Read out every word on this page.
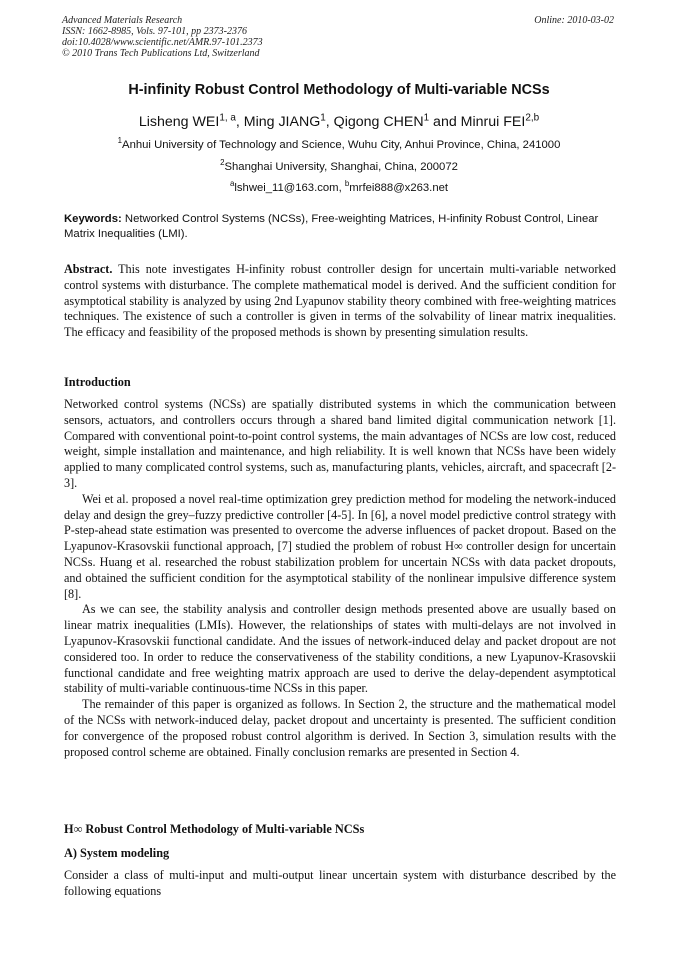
Advanced Materials Research
ISSN: 1662-8985, Vols. 97-101, pp 2373-2376
doi:10.4028/www.scientific.net/AMR.97-101.2373
© 2010 Trans Tech Publications Ltd, Switzerland
Online: 2010-03-02
H-infinity Robust Control Methodology of Multi-variable NCSs
Lisheng WEI$^{1, a}$, Ming JIANG$^1$, Qigong CHEN$^1$ and Minrui FEI$^{2,b}$
$^1$Anhui University of Technology and Science, Wuhu City, Anhui Province, China, 241000
$^2$Shanghai University, Shanghai, China, 200072
$^a$lshwei_11@163.com, $^b$mrfei888@x263.net
Keywords: Networked Control Systems (NCSs), Free-weighting Matrices, H-infinity Robust Control, Linear Matrix Inequalities (LMI).
Abstract. This note investigates H-infinity robust controller design for uncertain multi-variable networked control systems with disturbance. The complete mathematical model is derived. And the sufficient condition for asymptotical stability is analyzed by using 2nd Lyapunov stability theory combined with free-weighting matrices techniques. The existence of such a controller is given in terms of the solvability of linear matrix inequalities. The efficacy and feasibility of the proposed methods is shown by presenting simulation results.
Introduction

Networked control systems (NCSs) are spatially distributed systems in which the communication between sensors, actuators, and controllers occurs through a shared band limited digital communication network [1]. Compared with conventional point-to-point control systems, the main advantages of NCSs are low cost, reduced weight, simple installation and maintenance, and high reliability. It is well known that NCSs have been widely applied to many complicated control systems, such as, manufacturing plants, vehicles, aircraft, and spacecraft [2-3].

Wei et al. proposed a novel real-time optimization grey prediction method for modeling the network-induced delay and design the grey–fuzzy predictive controller [4-5]. In [6], a novel model predictive control strategy with P-step-ahead state estimation was presented to overcome the adverse influences of packet dropout. Based on the Lyapunov-Krasovskii functional approach, [7] studied the problem of robust H∞ controller design for uncertain NCSs. Huang et al. researched the robust stabilization problem for uncertain NCSs with data packet dropouts, and obtained the sufficient condition for the asymptotical stability of the nonlinear impulsive difference system [8].

As we can see, the stability analysis and controller design methods presented above are usually based on linear matrix inequalities (LMIs). However, the relationships of states with multi-delays are not involved in Lyapunov-Krasovskii functional candidate. And the issues of network-induced delay and packet dropout are not considered too. In order to reduce the conservativeness of the stability conditions, a new Lyapunov-Krasovskii functional candidate and free weighting matrix approach are used to derive the delay-dependent asymptotical stability of multi-variable continuous-time NCSs in this paper.

The remainder of this paper is organized as follows. In Section 2, the structure and the mathematical model of the NCSs with network-induced delay, packet dropout and uncertainty is presented. The sufficient condition for convergence of the proposed robust control algorithm is derived. In Section 3, simulation results with the proposed control scheme are obtained. Finally conclusion remarks are presented in Section 4.

H∞ Robust Control Methodology of Multi-variable NCSs
A) System modeling

Consider a class of multi-input and multi-output linear uncertain system with disturbance described by the following equations
